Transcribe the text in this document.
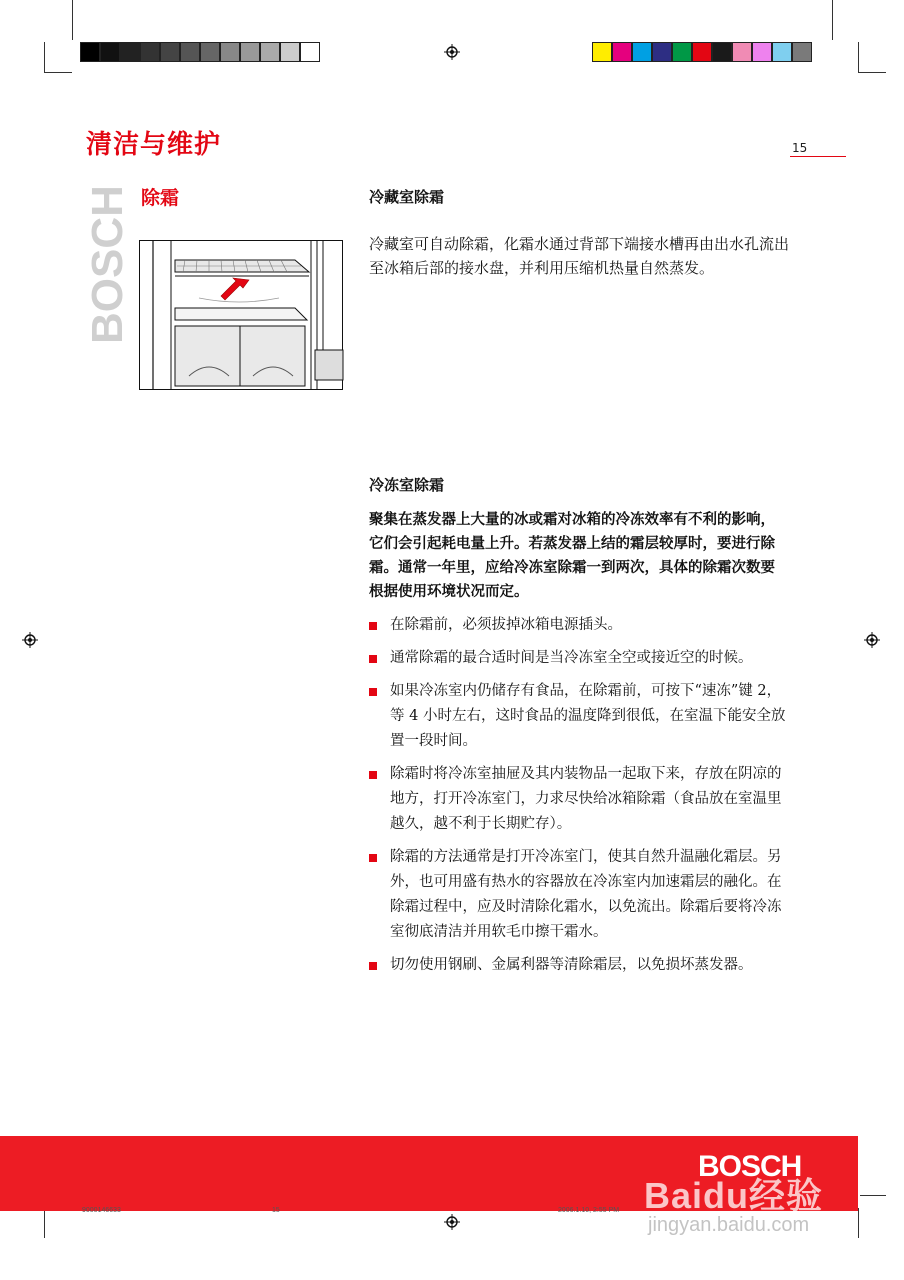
清洁与维护	15
BOSCH 除霜	冷藏室除霜
冷藏室可自动除霜，化霜水通过背部下端接水槽再由出水孔流出至冰箱后部的接水盘，并利用压缩机热量自然蒸发。
冷冻室除霜
聚集在蒸发器上大量的冰或霜对冰箱的冷冻效率有不利的影响，它们会引起耗电量上升。若蒸发器上结的霜层较厚时，要进行除霜。通常一年里，应给冷冻室除霜一到两次，具体的除霜次数要根据使用环境状况而定。
在除霜前，必须拔掉冰箱电源插头。
通常除霜的最合适时间是当冷冻室全空或接近空的时候。
如果冷冻室内仍储存有食品，在除霜前，可按下“速冻”键 2，等 4 小时左右，这时食品的温度降到很低，在室温下能安全放置一段时间。
除霜时将冷冻室抽屉及其内装物品一起取下来，存放在阴凉的地方，打开冷冻室门，力求尽快给冰箱除霜（食品放在室温里越久，越不利于长期贮存）。
除霜的方法通常是打开冷冻室门，使其自然升温融化霜层。另外，也可用盛有热水的容器放在冷冻室内加速霜层的融化。在除霜过程中，应及时清除化霜水，以免流出。除霜后要将冷冻室彻底清洁并用软毛巾擦干霜水。
切勿使用钢刷、金属利器等清除霜层，以免损坏蒸发器。
BOSCH
Baidu经验
jingyan.baidu.com
9000146633	15	2006.1.10, 2:55 PM
